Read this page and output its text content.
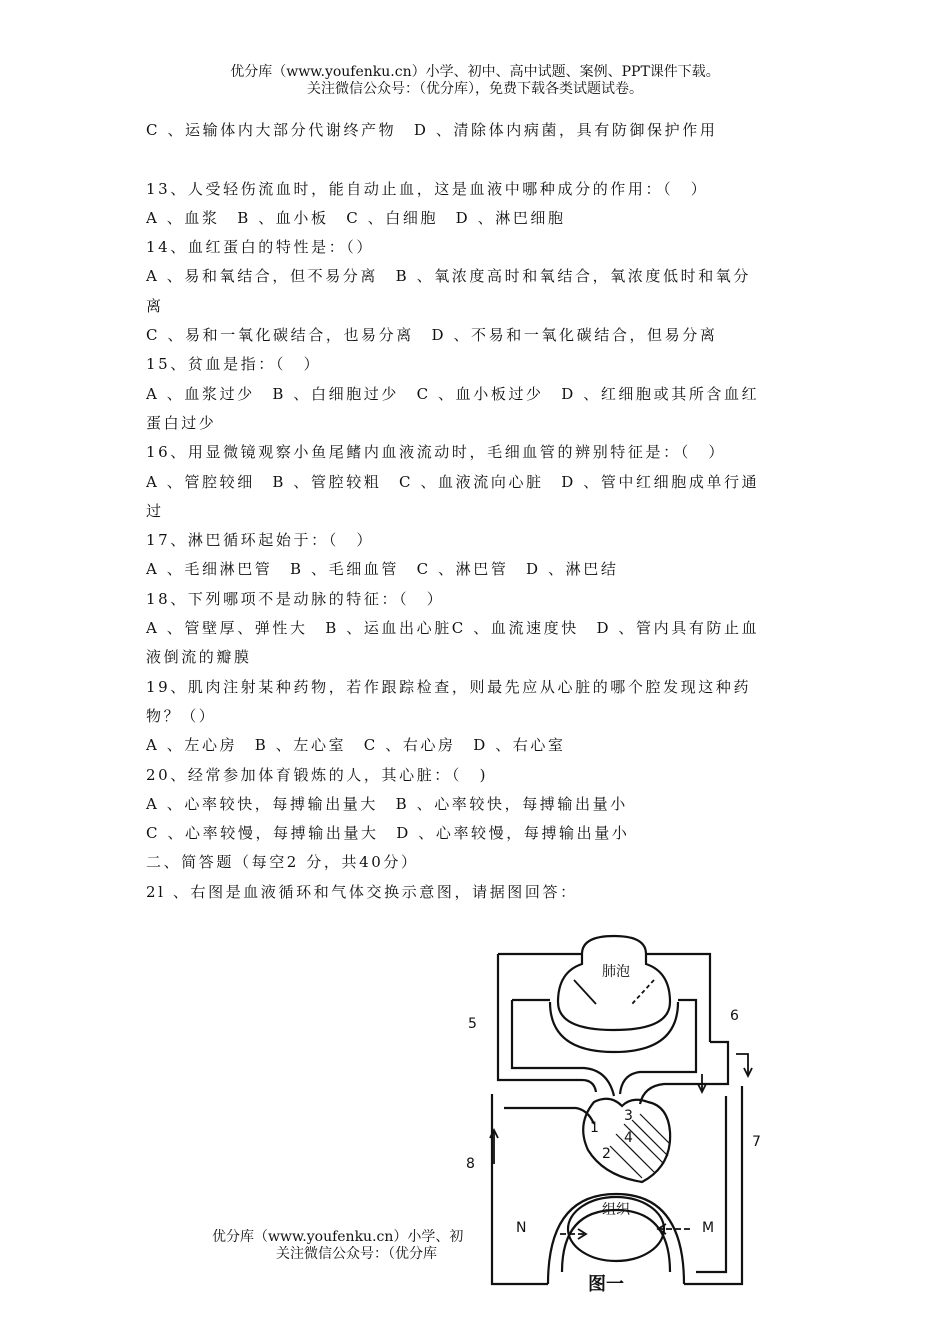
优分库（www.youfenku.cn）小学、初中、高中试题、案例、PPT课件下载。
关注微信公众号：（优分库），免费下载各类试题试卷。
C 、运输体内大部分代谢终产物　D 、清除体内病菌，具有防御保护作用
13、人受轻伤流血时，能自动止血，这是血液中哪种成分的作用：（　）
A 、血浆　B 、血小板　C 、白细胞　D 、淋巴细胞
14、血红蛋白的特性是：（）
A 、易和氧结合，但不易分离　B 、氧浓度高时和氧结合，氧浓度低时和氧分
离
C 、易和一氧化碳结合，也易分离　D 、不易和一氧化碳结合，但易分离
15、贫血是指：（　）
A 、血浆过少　B 、白细胞过少　C 、血小板过少　D 、红细胞或其所含血红
蛋白过少
16、用显微镜观察小鱼尾鳍内血液流动时，毛细血管的辨别特征是：（　）
A 、管腔较细　B 、管腔较粗　C 、血液流向心脏　D 、管中红细胞成单行通
过
17、淋巴循环起始于：（　）
A 、毛细淋巴管　B 、毛细血管　C 、淋巴管　D 、淋巴结
18、下列哪项不是动脉的特征：（　）
A 、管壁厚、弹性大　B 、运血出心脏C 、血流速度快　D 、管内具有防止血
液倒流的瓣膜
19、肌肉注射某种药物，若作跟踪检查，则最先应从心脏的哪个腔发现这种药
物？（）
A 、左心房　B 、左心室　C 、右心房　D 、右心室
20、经常参加体育锻炼的人，其心脏：（　)
A 、心率较快，每搏输出量大　B 、心率较快，每搏输出量小
C 、心率较慢，每搏输出量大　D 、心率较慢，每搏输出量小
二、简答题（每空2 分，共40分）
2l 、右图是血液循环和气体交换示意图，请据图回答：
肺泡
组织
1
2
3
4
5	6
7
8
N	M
图一
优分库（www.youfenku.cn）小学、初
关注微信公众号：（优分库
